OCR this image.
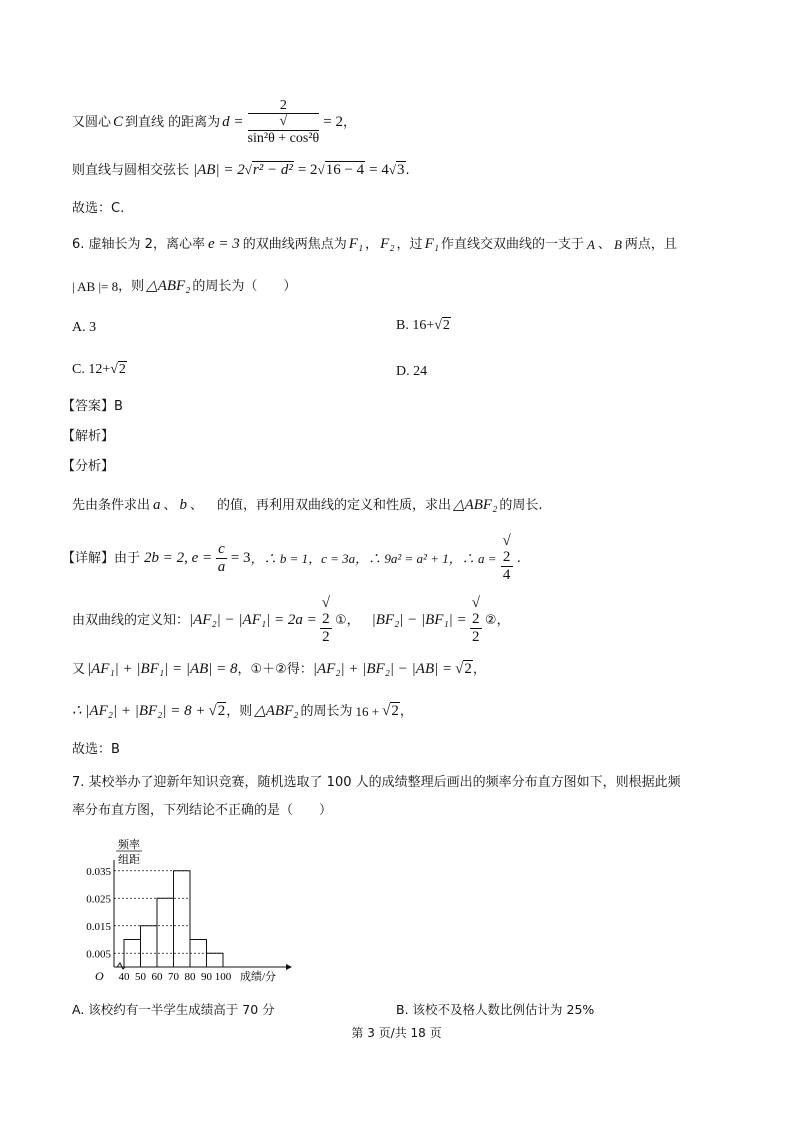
又圆心 C 到直线 的距离为 d = 2
√
sin²θ + cos²θ = 2 ，
则直线与圆相交弦长 |AB| = 2 √r² − d² = 2 √16 − 4 = 4 √3 .
故选：C.
6. 虚轴长为 2，离心率 e = 3 的双曲线两焦点为 F₁ ， F₂ ，过 F₁ 作直线交双曲线的一支于 A 、 B 两点，且
| AB |= 8 ，则 △ABF₂ 的周长为（　　）
A. 3	B. 16+√2
C. 12+√2	D. 24
【答案】B
【解析】
【分析】
先由条件求出 a 、 b 、 的值，再利用双曲线的定义和性质，求出 △ABF₂ 的周长.
【详解】由于 2b = 2, $e = \frac{c}{a} = 3$ ，∴ b = 1，c = 3a，∴ 9a² = a² + 1，∴ a = √
2
4 .
由双曲线的定义知： |AF₂| − |AF₁| = 2a = √
2
2 ①， |BF₂| − |BF₁| = √
2
2 ②，
又 |AF₁| + |BF₁| = |AB| = 8 ，①＋②得： |AF₂| + |BF₂| − |AB| = √2 ，
∴ |AF₂| + |BF₂| = 8 + √2 ，则 △ABF₂ 的周长为 16 + √2 ，
故选：B
7. 某校举办了迎新年知识竞赛，随机选取了 100 人的成绩整理后画出的频率分布直方图如下，则根据此频
率分布直方图，下列结论不正确的是（　　）
频率
组距
0.005
0.015
0.025
0.035
40 50 60 70 80 90 100
O	成绩/分
A. 该校约有一半学生成绩高于 70 分	B. 该校不及格人数比例估计为 25%
第 3 页/共 18 页
